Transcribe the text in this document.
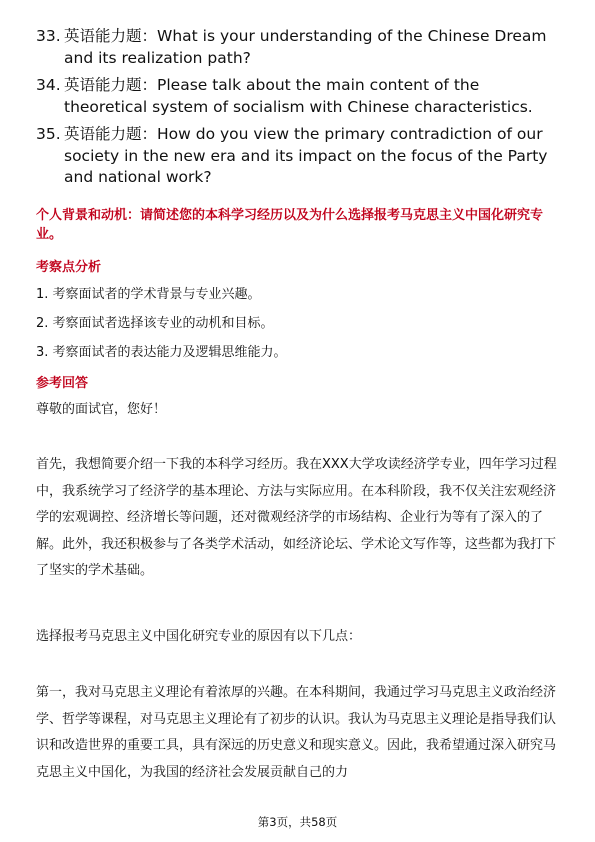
33. 英语能力题：What is your understanding of the Chinese Dream and its realization path?
34. 英语能力题：Please talk about the main content of the theoretical system of socialism with Chinese characteristics.
35. 英语能力题：How do you view the primary contradiction of our society in the new era and its impact on the focus of the Party and national work?
个人背景和动机：请简述您的本科学习经历以及为什么选择报考马克思主义中国化研究专业。
考察点分析
1. 考察面试者的学术背景与专业兴趣。
2. 考察面试者选择该专业的动机和目标。
3. 考察面试者的表达能力及逻辑思维能力。
参考回答
尊敬的面试官，您好！
首先，我想简要介绍一下我的本科学习经历。我在XXX大学攻读经济学专业，四年学习过程中，我系统学习了经济学的基本理论、方法与实际应用。在本科阶段，我不仅关注宏观经济学的宏观调控、经济增长等问题，还对微观经济学的市场结构、企业行为等有了深入的了解。此外，我还积极参与了各类学术活动，如经济论坛、学术论文写作等，这些都为我打下了坚实的学术基础。
选择报考马克思主义中国化研究专业的原因有以下几点：
第一，我对马克思主义理论有着浓厚的兴趣。在本科期间，我通过学习马克思主义政治经济学、哲学等课程，对马克思主义理论有了初步的认识。我认为马克思主义理论是指导我们认识和改造世界的重要工具，具有深远的历史意义和现实意义。因此，我希望通过深入研究马克思主义中国化，为我国的经济社会发展贡献自己的力
第3页，共58页
